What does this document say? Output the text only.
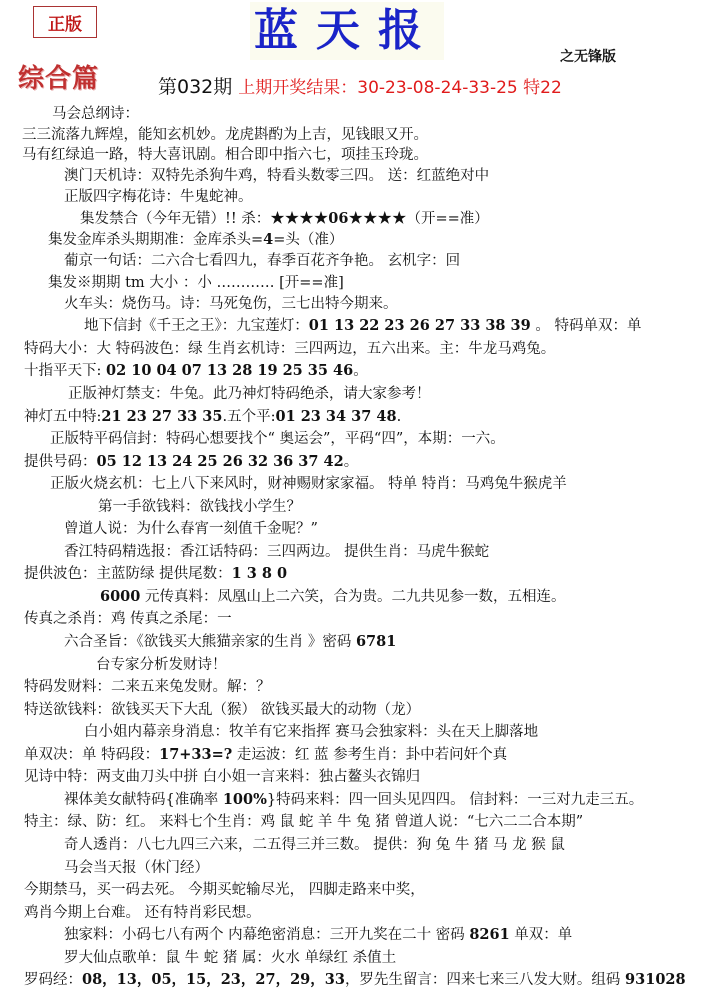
正版	蓝天报
之无锋版
综合篇	第032期 上期开奖结果：30-23-08-24-33-25 特22
马会总纲诗：
三三流落九辉煌，能知玄机妙。龙虎斟酌为上吉，见钱眼又开。
马有红绿追一路，特大喜讯剧。相合即中指六七，项挂玉玲珑。
澳门天机诗：双特先杀狗牛鸡，特看头数零三四。 送：红蓝绝对中
正版四字梅花诗：牛鬼蛇神。
集发禁合（今年无错）!! 杀：★★★★06★★★★（开==准）
集发金库杀头期期准：金库杀头=4=头（准）
葡京一句话：二六合七看四九，春季百花齐争艳。 玄机字：回
集发※期期 tm 大小 ：小 ………… [开==准]
火车头：烧伤马。诗：马死兔伤，三七出特今期来。
地下信封《千王之王》：九宝莲灯：01 13 22 23 26 27 33 38 39 。 特码单双：单
特码大小：大 特码波色：绿 生肖玄机诗：三四两边，五六出来。主：牛龙马鸡兔。
十指平天下: 02 10 04 07 13 28 19 25 35 46。
正版神灯禁支：牛兔。此乃神灯特码绝杀，请大家参考！
神灯五中特:21 23 27 33 35.五个平:01 23 34 37 48.
正版特平码信封：特码心想要找个“ 奥运会”，平码“四”，本期：一六。
提供号码：05 12 13 24 25 26 32 36 37 42。
正版火烧玄机：七上八下来风时，财神赐财家家福。 特单 特肖：马鸡兔牛猴虎羊
第一手欲钱料：欲钱找小学生？
曾道人说：为什么春宵一刻值千金呢？”
香江特码精选报：香江话特码：三四两边。 提供生肖：马虎牛猴蛇
提供波色：主蓝防绿 提供尾数：1 3 8 0
6000 元传真料：凤凰山上二六笑，合为贵。二九共见参一数，五相连。
传真之杀肖：鸡 传真之杀尾：一
六合圣旨：《欲钱买大熊猫亲家的生肖 》密码 6781
台专家分析发财诗！
特码发财料：二来五来兔发财。解：？
特送欲钱料：欲钱买天下大乱（猴） 欲钱买最大的动物（龙）
白小姐内幕亲身消息：牧羊有它来指挥 赛马会独家料：头在天上脚落地
单双决：单 特码段：17+33=? 走运波：红 蓝 参考生肖：卦中若问奸个真
见诗中特：两支曲刀头中拼 白小姐一言来料：独占鳌头衣锦归
裸体美女献特码{准确率 100%}特码来料：四一回头见四四。 信封料：一三对九走三五。
特主：绿、防：红。 来料七个生肖：鸡 鼠 蛇 羊 牛 兔 猪 曾道人说：“七六二二合本期”
奇人透肖：八七九四三六来，二五得三并三数。 提供：狗 兔 牛 猪 马 龙 猴 鼠
马会当天报（休门经）
今期禁马，买一码去死。 今期买蛇输尽光， 四脚走路来中奖，
鸡肖今期上台难。 还有特肖彩民想。
独家料：小码七八有两个 内幕绝密消息：三开九奖在二十 密码 8261 单双：单
罗大仙点歌单：鼠 牛 蛇 猪 属：火水 单绿红 杀值土
罗码经：08，13，05，15，23，27，29，33，罗先生留言：四来七来三八发大财。组码 931028
